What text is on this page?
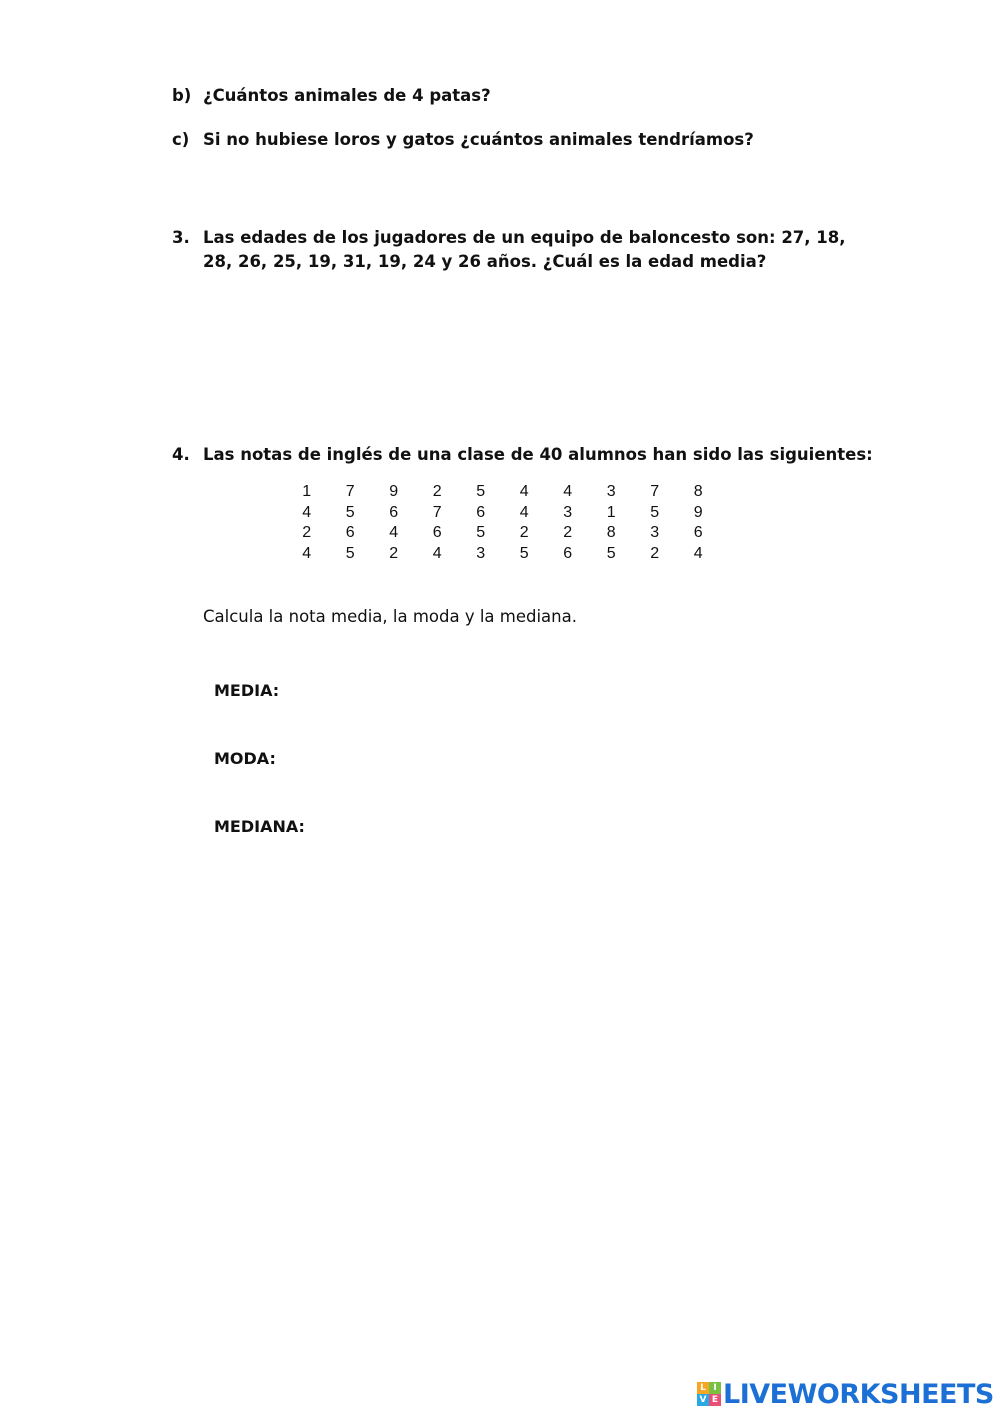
b) ¿Cuántos animales de 4 patas?
c) Si no hubiese loros y gatos ¿cuántos animales tendríamos?
3. Las edades de los jugadores de un equipo de baloncesto son: 27, 18, 28, 26, 25, 19, 31, 19, 24 y 26 años. ¿Cuál es la edad media?
4. Las notas de inglés de una clase de 40 alumnos han sido las siguientes:
1	7	9	2	5	4	4	3	7	8
4	5	6	7	6	4	3	1	5	9
2	6	4	6	5	2	2	8	3	6
4	5	2	4	3	5	6	5	2	4
Calcula la nota media, la moda y la mediana.
MEDIA:
MODA:
MEDIANA:
L I
V E LIVEWORKSHEETS
